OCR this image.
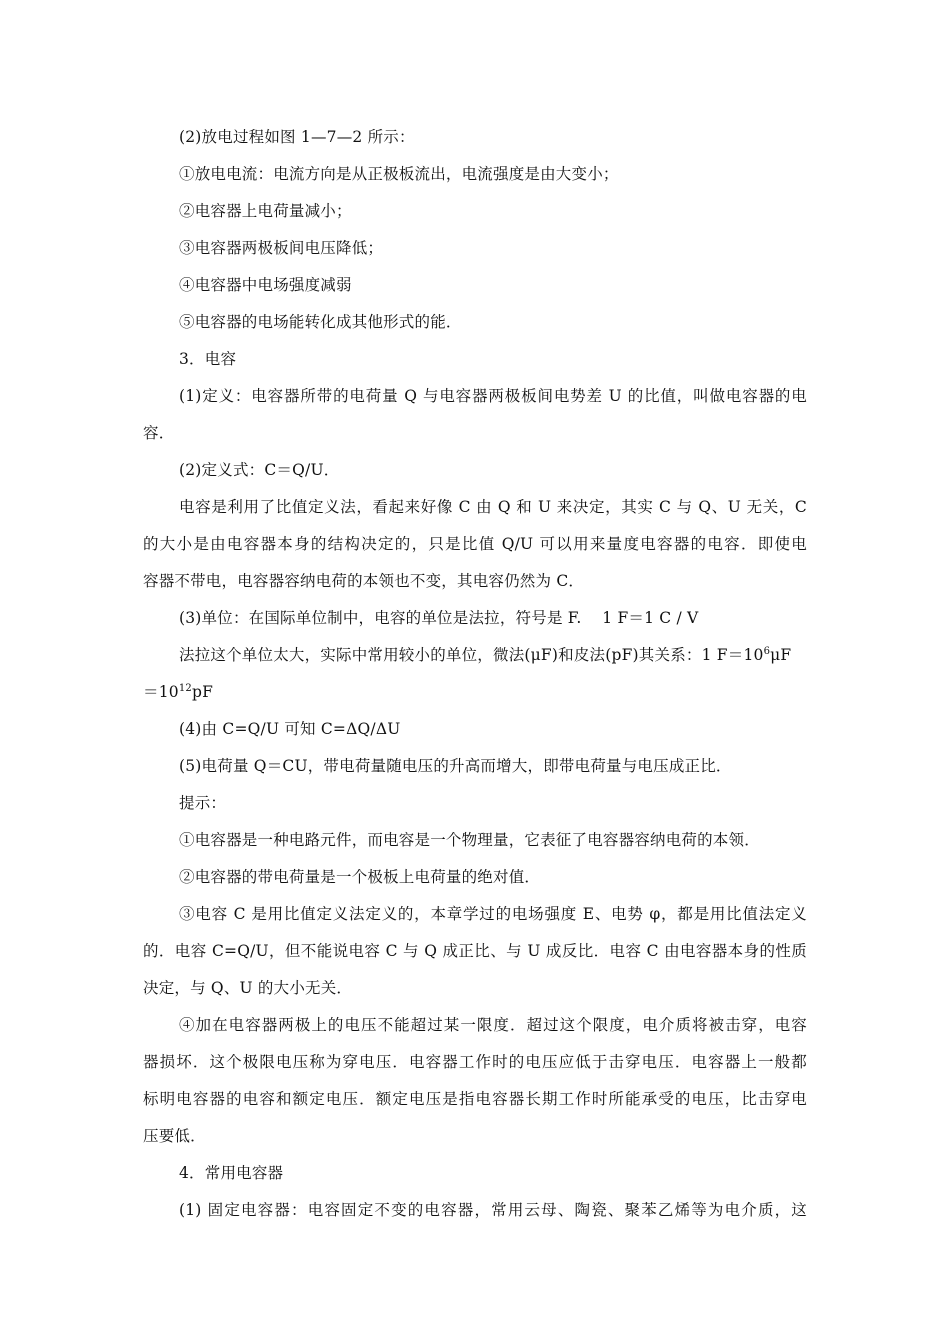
(2)放电过程如图 1—7—2 所示：
①放电电流：电流方向是从正极板流出，电流强度是由大变小；
②电容器上电荷量减小；
③电容器两极板间电压降低；
④电容器中电场强度减弱
⑤电容器的电场能转化成其他形式的能．
3．电容
(1)定义：电容器所带的电荷量 Q 与电容器两极板间电势差 U 的比值，叫做电容器的电
容．
(2)定义式：C＝Q/U．
电容是利用了比值定义法，看起来好像 C 由 Q 和 U 来决定，其实 C 与 Q、U 无关，C
的大小是由电容器本身的结构决定的，只是比值 Q/U 可以用来量度电容器的电容．即使电
容器不带电，电容器容纳电荷的本领也不变，其电容仍然为 C．
(3)单位：在国际单位制中，电容的单位是法拉，符号是 F.　 1 F＝1 C / V
法拉这个单位太大，实际中常用较小的单位，微法(μF)和皮法(pF)其关系：1 $F=10^6\mu F$
$=10^{12}pF$
(4)由 C=Q/U 可知 C=ΔQ/ΔU
(5)电荷量 Q＝CU，带电荷量随电压的升高而增大，即带电荷量与电压成正比．
提示：
①电容器是一种电路元件，而电容是一个物理量，它表征了电容器容纳电荷的本领．
②电容器的带电荷量是一个极板上电荷量的绝对值．
③电容 C 是用比值定义法定义的，本章学过的电场强度 E、电势 φ，都是用比值法定义
的．电容 C=Q/U，但不能说电容 C 与 Q 成正比、与 U 成反比．电容 C 由电容器本身的性质
决定，与 Q、U 的大小无关．
④加在电容器两极上的电压不能超过某一限度．超过这个限度，电介质将被击穿，电容
器损坏．这个极限电压称为穿电压．电容器工作时的电压应低于击穿电压．电容器上一般都
标明电容器的电容和额定电压．额定电压是指电容器长期工作时所能承受的电压，比击穿电
压要低．
4．常用电容器
(1) 固定电容器：电容固定不变的电容器，常用云母、陶瓷、聚苯乙烯等为电介质，这
